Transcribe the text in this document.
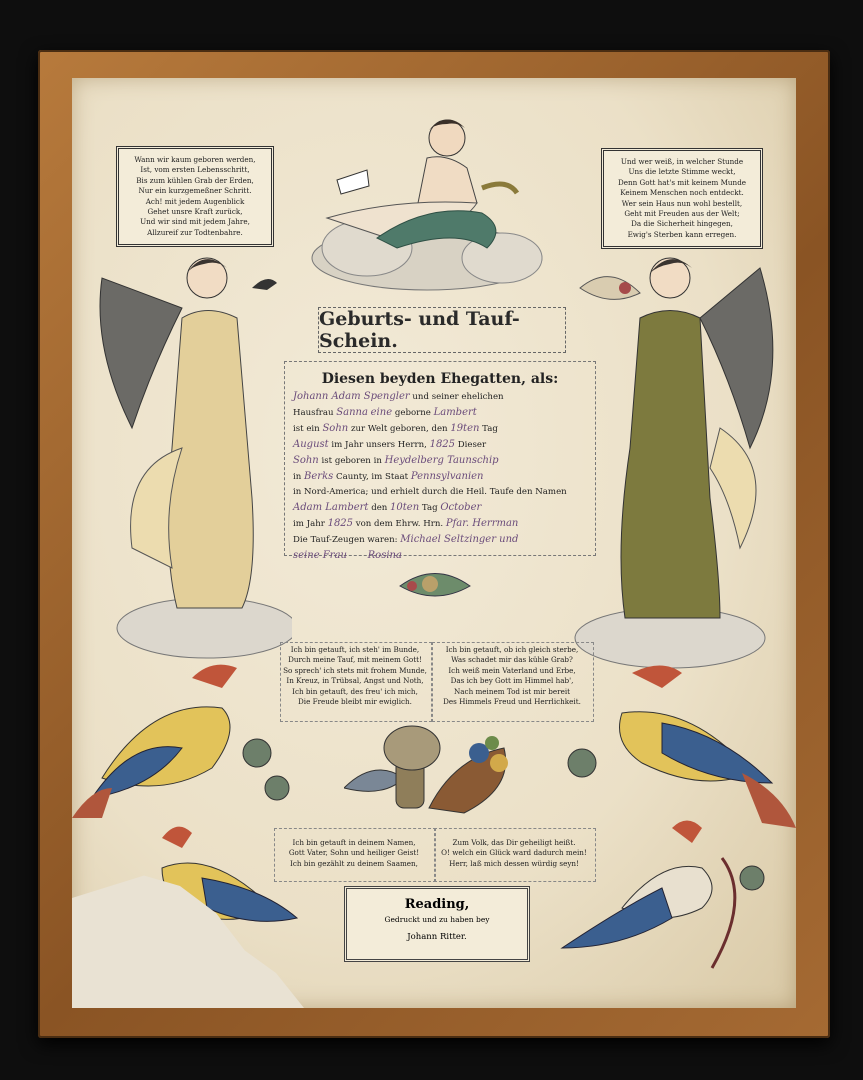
Wann wir kaum geboren werden,
Ist, vom ersten Lebensschritt,
Bis zum kühlen Grab der Erden,
Nur ein kurzgemeßner Schritt.
Ach! mit jedem Augenblick
Gehet unsre Kraft zurück,
Und wir sind mit jedem Jahre,
Allzureif zur Todtenbahre.
Und wer weiß, in welcher Stunde
Uns die letzte Stimme weckt,
Denn Gott hat's mit keinem Munde
Keinem Menschen noch entdeckt.
Wer sein Haus nun wohl bestellt,
Geht mit Freuden aus der Welt;
Da die Sicherheit hingegen,
Ewig's Sterben kann erregen.
Geburts- und Tauf-Schein.
Diesen beyden Ehegatten, als:
Johann Adam Spengler und seiner ehelichen
Hausfrau Sanna eine geborne Lambert
ist ein Sohn zur Welt geboren, den 19ten Tag
August im Jahr unsers Herrn, 1825 Dieser
Sohn ist geboren in Heydelberg Taunschip
in Berks Caunty, im Staat Pennsylvanien
in Nord-America; und erhielt durch die Heil. Taufe den Namen
Adam Lambert den 10ten Tag October
im Jahr 1825 von dem Ehrw. Hrn. Pfar. Herrman
Die Tauf-Zeugen waren: Michael Seltzinger und
seine Frau Rosina
Ich bin getauft, ich steh' im Bunde,
Durch meine Tauf, mit meinem Gott!
So sprech' ich stets mit frohem Munde,
In Kreuz, in Trübsal, Angst und Noth,
Ich bin getauft, des freu' ich mich,
Die Freude bleibt mir ewiglich.
Ich bin getauft, ob ich gleich sterbe,
Was schadet mir das kühle Grab?
Ich weiß mein Vaterland und Erbe,
Das ich bey Gott im Himmel hab',
Nach meinem Tod ist mir bereit
Des Himmels Freud und Herrlichkeit.
Ich bin getauft in deinem Namen,
Gott Vater, Sohn und heiliger Geist!
Ich bin gezählt zu deinem Saamen,
Zum Volk, das Dir geheiligt heißt.
O! welch ein Glück ward dadurch mein!
Herr, laß mich dessen würdig seyn!
Reading,
Gedruckt und zu haben bey
Johann Ritter.
